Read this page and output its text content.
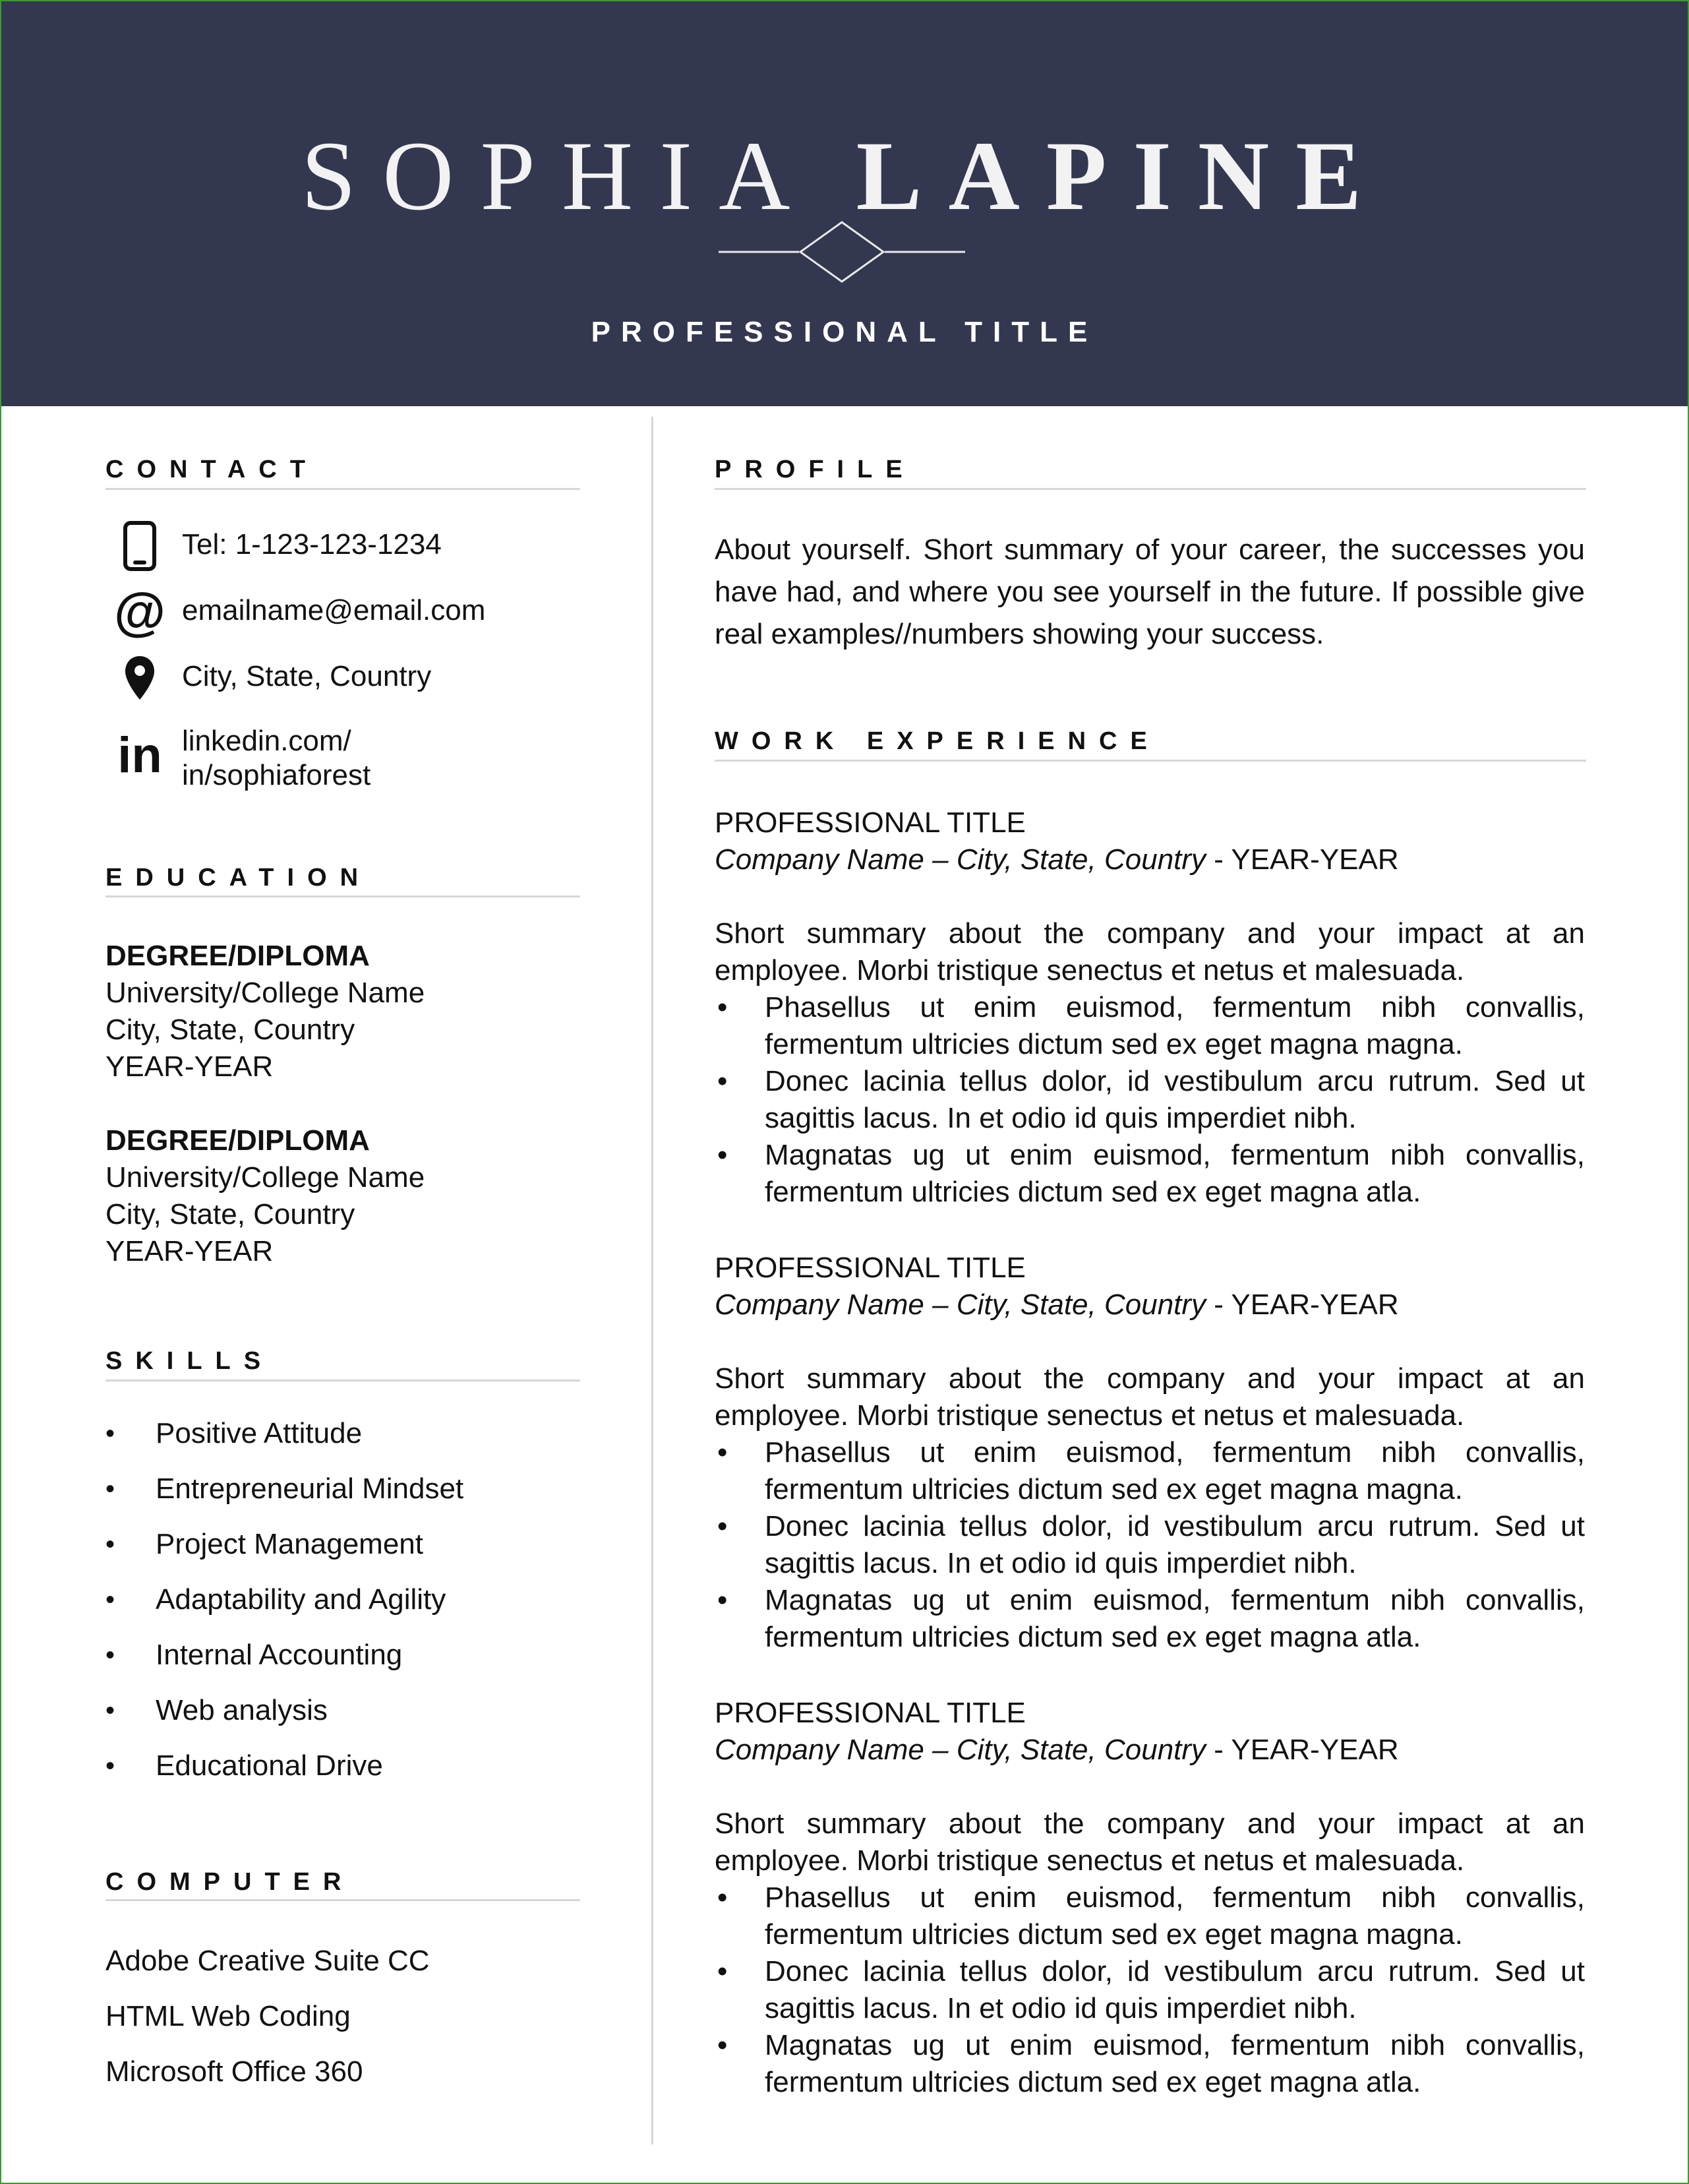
SOPHIA LAPINE
PROFESSIONAL TITLE
CONTACT
Tel: 1-123-123-1234
@ emailname@email.com
City, State, Country
in linkedin.com/
in/sophiaforest
EDUCATION
DEGREE/DIPLOMA
University/College Name
City, State, Country
YEAR-YEAR
DEGREE/DIPLOMA
University/College Name
City, State, Country
YEAR-YEAR
SKILLS
•	Positive Attitude
•	Entrepreneurial Mindset
•	Project Management
•	Adaptability and Agility
•	Internal Accounting
•	Web analysis
•	Educational Drive
COMPUTER
Adobe Creative Suite CC
HTML Web Coding
Microsoft Office 360
PROFILE
About yourself. Short summary of your career, the successes you have had, and where you see yourself in the future. If possible give real examples//numbers showing your success.
WORK EXPERIENCE
PROFESSIONAL TITLE
Company Name – City, State, Country - YEAR-YEAR
Short summary about the company and your impact at an employee. Morbi tristique senectus et netus et malesuada.
• Phasellus ut enim euismod, fermentum nibh convallis, fermentum ultricies dictum sed ex eget magna magna.
• Donec lacinia tellus dolor, id vestibulum arcu rutrum. Sed ut sagittis lacus. In et odio id quis imperdiet nibh.
• Magnatas ug ut enim euismod, fermentum nibh convallis, fermentum ultricies dictum sed ex eget magna atla.
PROFESSIONAL TITLE
Company Name – City, State, Country - YEAR-YEAR
Short summary about the company and your impact at an employee. Morbi tristique senectus et netus et malesuada.
• Phasellus ut enim euismod, fermentum nibh convallis, fermentum ultricies dictum sed ex eget magna magna.
• Donec lacinia tellus dolor, id vestibulum arcu rutrum. Sed ut sagittis lacus. In et odio id quis imperdiet nibh.
• Magnatas ug ut enim euismod, fermentum nibh convallis, fermentum ultricies dictum sed ex eget magna atla.
PROFESSIONAL TITLE
Company Name – City, State, Country - YEAR-YEAR
Short summary about the company and your impact at an employee. Morbi tristique senectus et netus et malesuada.
• Phasellus ut enim euismod, fermentum nibh convallis, fermentum ultricies dictum sed ex eget magna magna.
• Donec lacinia tellus dolor, id vestibulum arcu rutrum. Sed ut sagittis lacus. In et odio id quis imperdiet nibh.
• Magnatas ug ut enim euismod, fermentum nibh convallis, fermentum ultricies dictum sed ex eget magna atla.
